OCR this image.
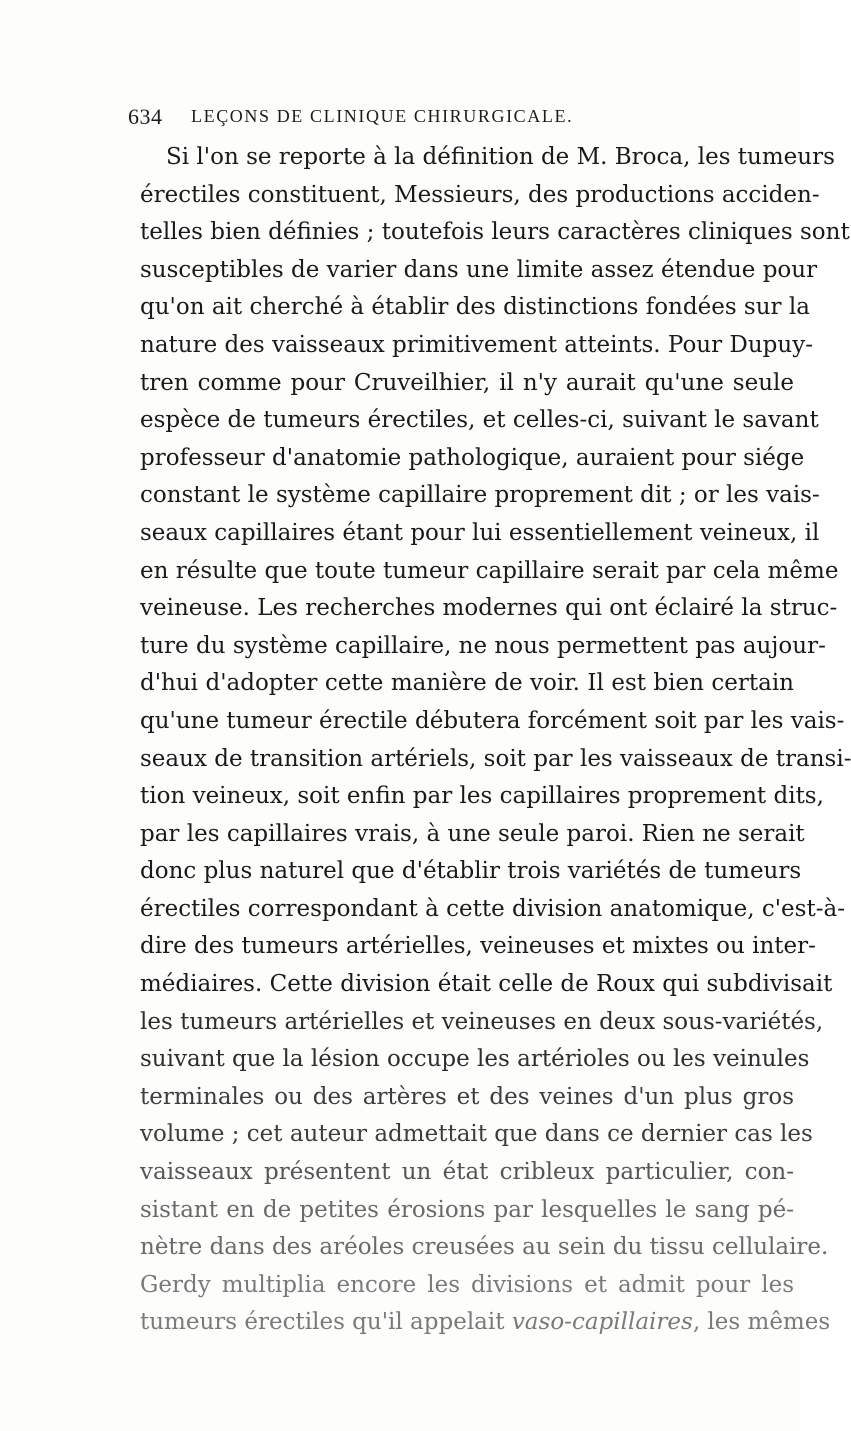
634 LEÇONS DE CLINIQUE CHIRURGICALE.
Si l'on se reporte à la définition de M. Broca, les tumeurs
érectiles constituent, Messieurs, des productions acciden-
telles bien définies ; toutefois leurs caractères cliniques sont
susceptibles de varier dans une limite assez étendue pour
qu'on ait cherché à établir des distinctions fondées sur la
nature des vaisseaux primitivement atteints. Pour Dupuy-
tren comme pour Cruveilhier, il n'y aurait qu'une seule
espèce de tumeurs érectiles, et celles-ci, suivant le savant
professeur d'anatomie pathologique, auraient pour siége
constant le système capillaire proprement dit ; or les vais-
seaux capillaires étant pour lui essentiellement veineux, il
en résulte que toute tumeur capillaire serait par cela même
veineuse. Les recherches modernes qui ont éclairé la struc-
ture du système capillaire, ne nous permettent pas aujour-
d'hui d'adopter cette manière de voir. Il est bien certain
qu'une tumeur érectile débutera forcément soit par les vais-
seaux de transition artériels, soit par les vaisseaux de transi-
tion veineux, soit enfin par les capillaires proprement dits,
par les capillaires vrais, à une seule paroi. Rien ne serait
donc plus naturel que d'établir trois variétés de tumeurs
érectiles correspondant à cette division anatomique, c'est-à-
dire des tumeurs artérielles, veineuses et mixtes ou inter-
médiaires. Cette division était celle de Roux qui subdivisait
les tumeurs artérielles et veineuses en deux sous-variétés,
suivant que la lésion occupe les artérioles ou les veinules
terminales ou des artères et des veines d'un plus gros
volume ; cet auteur admettait que dans ce dernier cas les
vaisseaux présentent un état cribleux particulier, con-
sistant en de petites érosions par lesquelles le sang pé-
nètre dans des aréoles creusées au sein du tissu cellulaire.
Gerdy multiplia encore les divisions et admit pour les
tumeurs érectiles qu'il appelait vaso-capillaires, les mêmes
